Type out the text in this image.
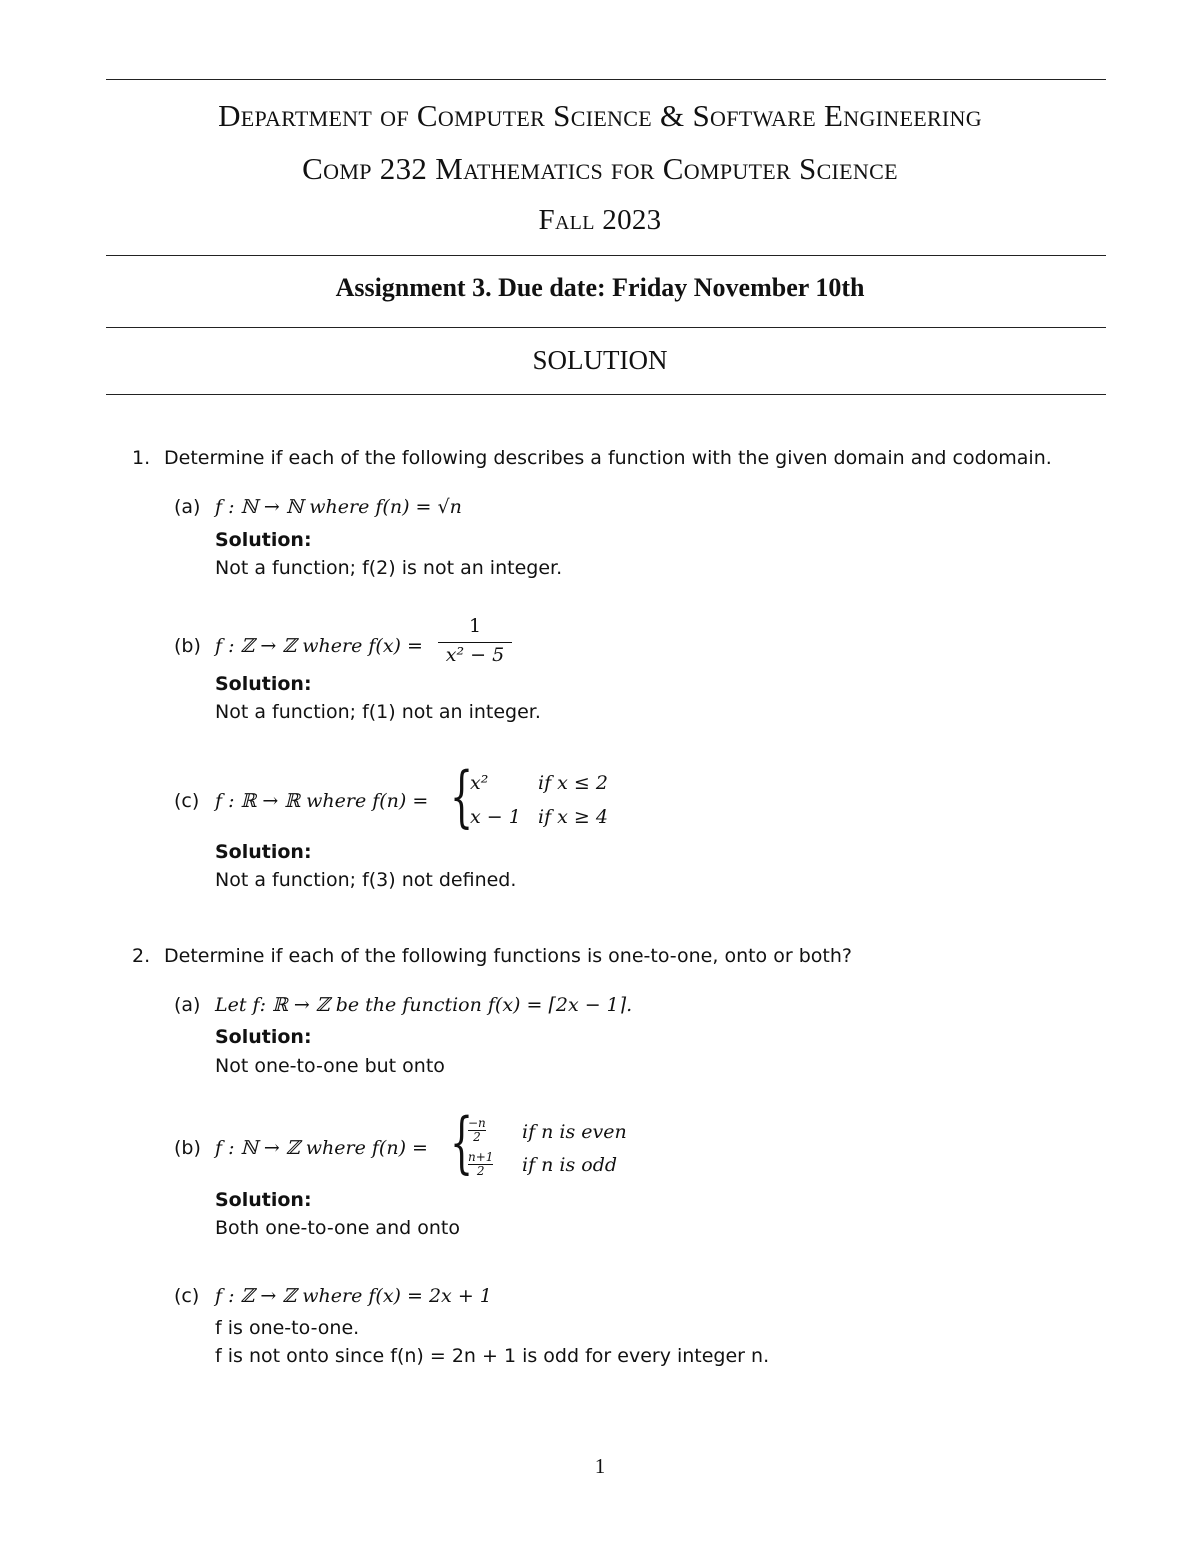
Department of Computer Science & Software Engineering
Comp 232 Mathematics for Computer Science
Fall 2023
Assignment 3. Due date: Friday November 10th
SOLUTION
1. Determine if each of the following describes a function with the given domain and codomain.
(a) f : ℕ → ℕ where f(n) = √n
Solution:
Not a function; f(2) is not an integer.
(b) f : ℤ → ℤ where $f(x) = \frac{1}{\text{x² − 5}}$
Solution:
Not a function; f(1) not an integer.
(c) f : ℝ → ℝ where f(n) = {
x²	if x ≤ 2
x − 1 if x ≥ 4
Solution:
Not a function; f(3) not defined.
2. Determine if each of the following functions is one-to-one, onto or both?
(a) Let f: ℝ → ℤ be the function f(x) = ⌈2x − 1⌉.
Solution:
Not one-to-one but onto
(b) f : ℕ → ℤ where f(n) = {
$\frac{-n}{2}$ if n is even
$\frac{n+1}{2}$ if n is odd
Solution:
Both one-to-one and onto
(c) f : ℤ → ℤ where f(x) = 2x + 1
f is one-to-one.
f is not onto since f(n) = 2n + 1 is odd for every integer n.
1
